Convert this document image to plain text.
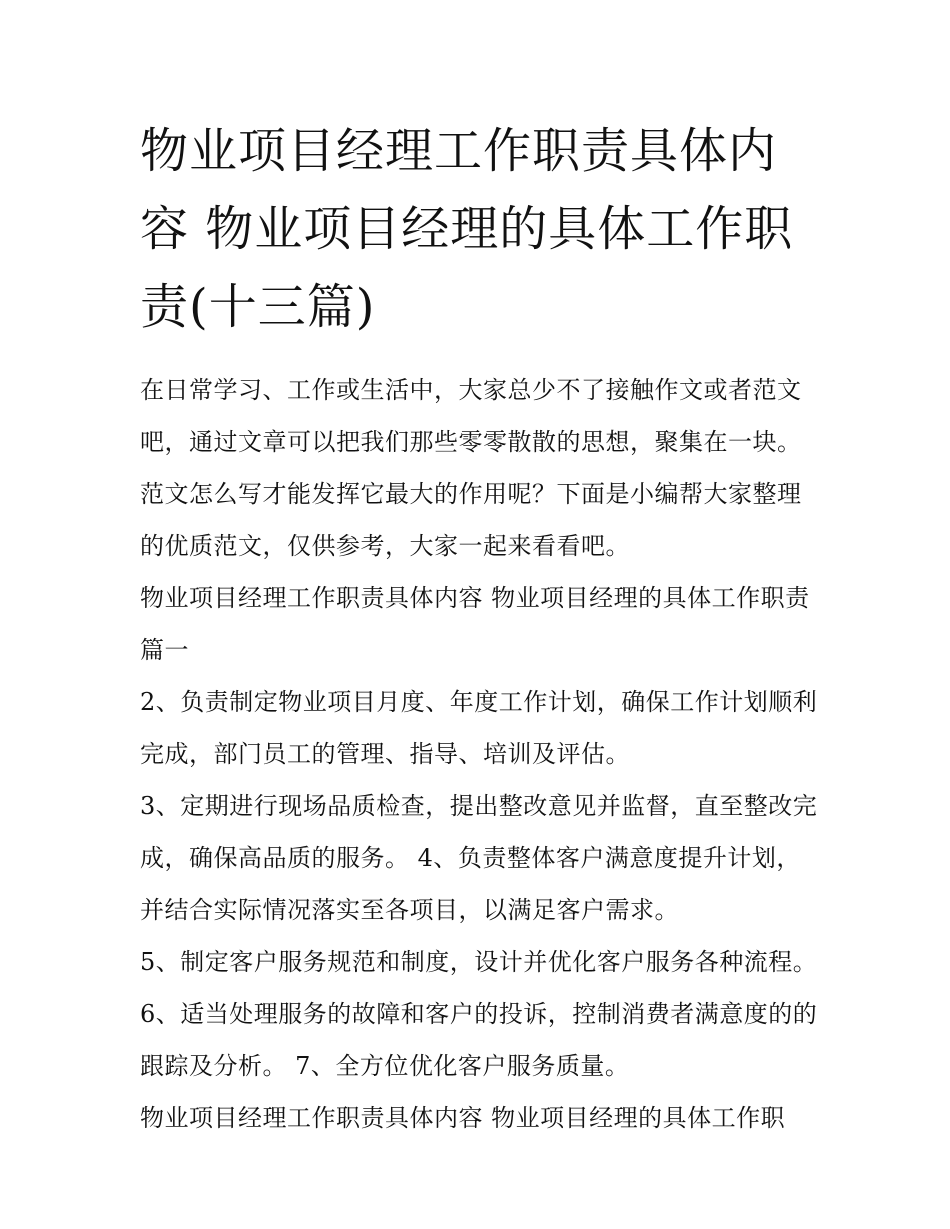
物业项目经理工作职责具体内容 物业项目经理的具体工作职责(十三篇)

在日常学习、工作或生活中，大家总少不了接触作文或者范文吧，通过文章可以把我们那些零零散散的思想，聚集在一块。范文怎么写才能发挥它最大的作用呢？下面是小编帮大家整理的优质范文，仅供参考，大家一起来看看吧。

物业项目经理工作职责具体内容 物业项目经理的具体工作职责篇一

2、负责制定物业项目月度、年度工作计划，确保工作计划顺利完成，部门员工的管理、指导、培训及评估。

3、定期进行现场品质检查，提出整改意见并监督，直至整改完成，确保高品质的服务。 4、负责整体客户满意度提升计划，并结合实际情况落实至各项目，以满足客户需求。

5、制定客户服务规范和制度，设计并优化客户服务各种流程。 6、适当处理服务的故障和客户的投诉，控制消费者满意度的的跟踪及分析。 7、全方位优化客户服务质量。

物业项目经理工作职责具体内容 物业项目经理的具体工作职
